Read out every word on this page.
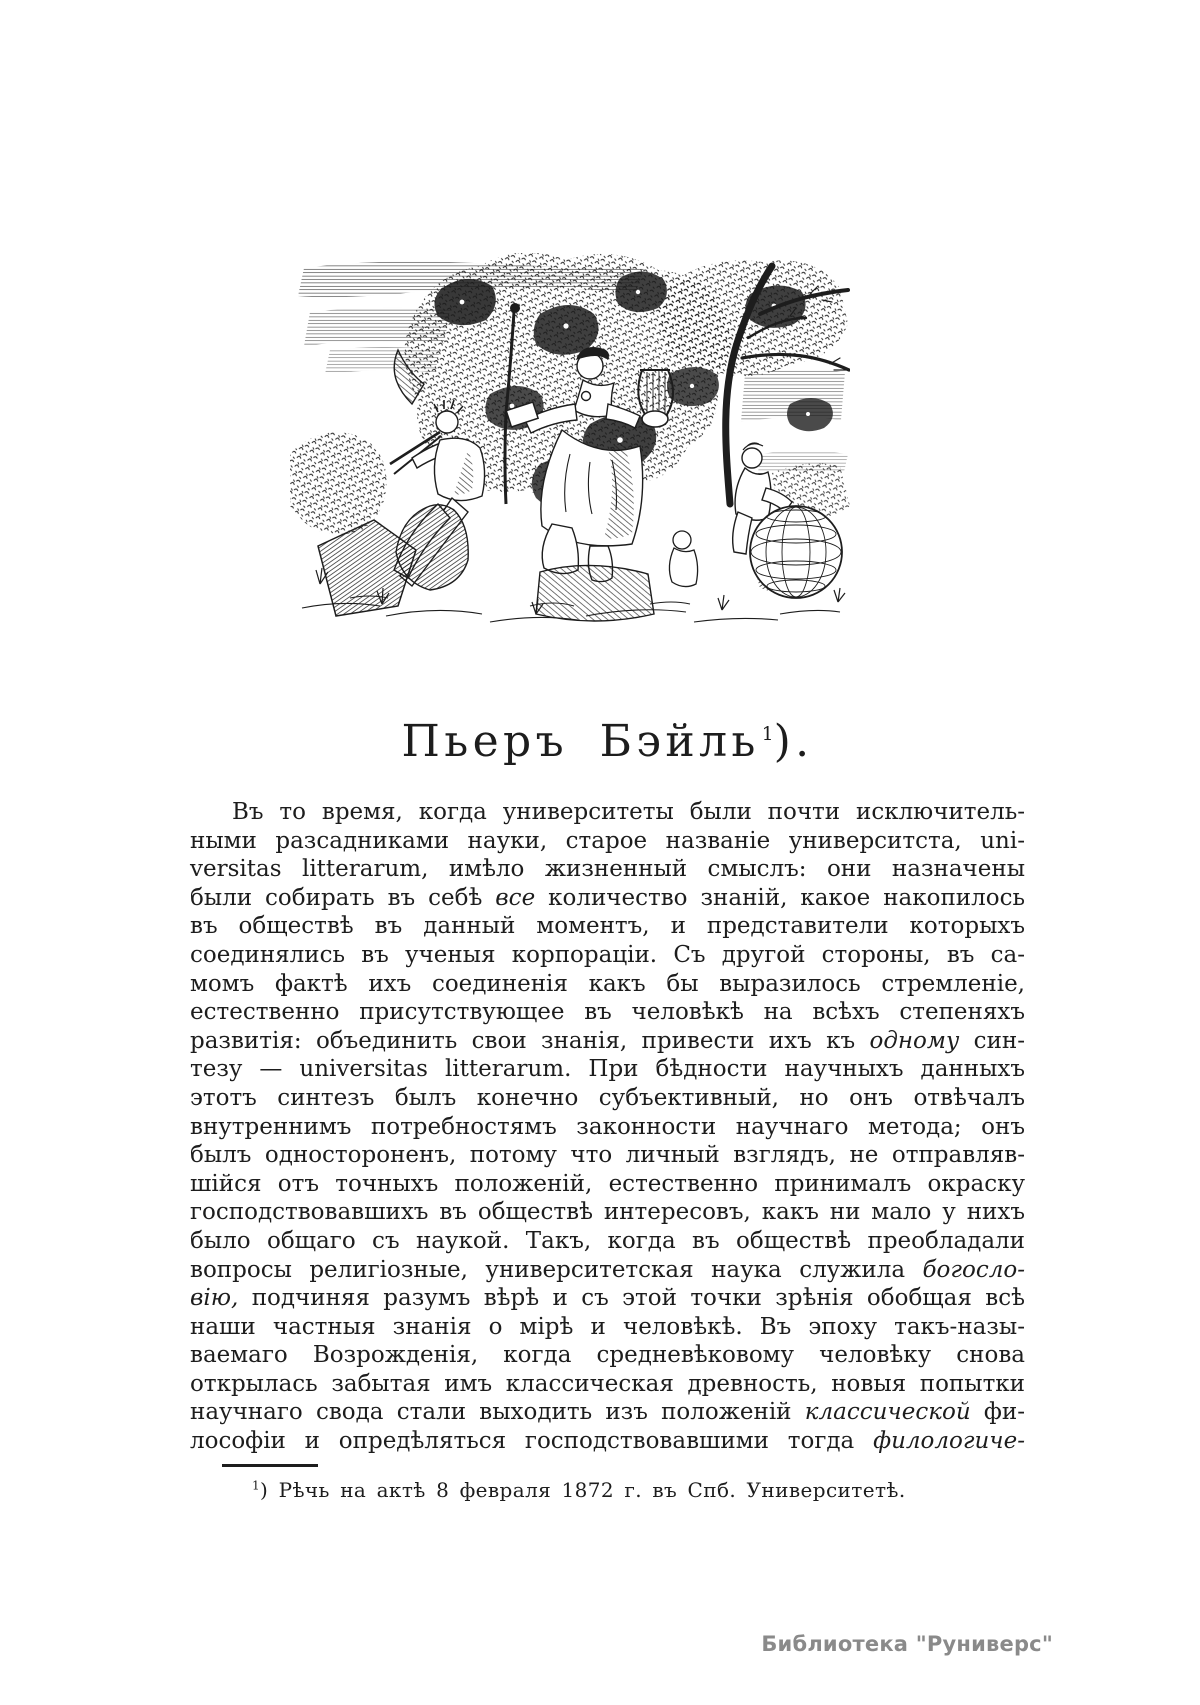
Пьеръ Бэйль $^1$).
Въ то время, когда университеты были почти исключитель-
ными разсадниками науки, старое названіе университста, uni-
versitas litterarum, имѣло жизненный смыслъ: они назначены
были собирать въ себѣ все количество знаній, какое накопилось
въ обществѣ въ данный моментъ, и представители которыхъ
соединялись въ ученыя корпораціи. Съ другой стороны, въ са-
момъ фактѣ ихъ соединенія какъ бы выразилось стремленіе,
естественно присутствующее въ человѣкѣ на всѣхъ степеняхъ
развитія: объединить свои знанія, привести ихъ къ одному син-
тезу — universitas litterarum. При бѣдности научныхъ данныхъ
этотъ синтезъ былъ конечно субъективный, но онъ отвѣчалъ
внутреннимъ потребностямъ законности научнаго метода; онъ
былъ одностороненъ, потому что личный взглядъ, не отправляв-
шійся отъ точныхъ положеній, естественно принималъ окраску
господствовавшихъ въ обществѣ интересовъ, какъ ни мало у нихъ
было общаго съ наукой. Такъ, когда въ обществѣ преобладали
вопросы религіозные, университетская наука служила богосло-
вію, подчиняя разумъ вѣрѣ и съ этой точки зрѣнія обобщая всѣ
наши частныя знанія о мірѣ и человѣкѣ. Въ эпоху такъ-назы-
ваемаго Возрожденія, когда средневѣковому человѣку снова
открылась забытая имъ классическая древность, новыя попытки
научнаго свода стали выходить изъ положеній классической фи-
лософіи и опредѣляться господствовавшими тогда филологиче-
$^1$) Рѣчь на актѣ 8 февраля 1872 г. въ Спб. Университетѣ.
Библиотека "Руниверс"
